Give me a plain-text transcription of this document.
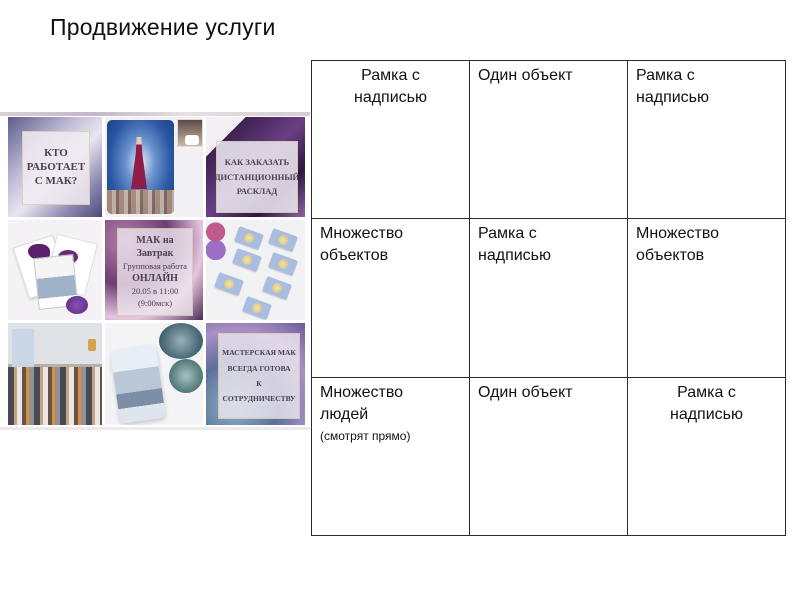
Продвижение услуги
КТО
РАБОТАЕТ
С МАК?
КАК ЗАКАЗАТЬ
ДИСТАНЦИОННЫЙ
РАСКЛАД
МАК на Завтрак
Групповая работа
ОНЛАЙН
20.05 в 11:00
(9:00мск)
МАСТЕРСКАЯ МАК
ВСЕГДА ГОТОВА
К
СОТРУДНИЧЕСТВУ
Рамка с
надписью	Один объект	Рамка с
надписью

Множество
объектов	Рамка с
надписью	Множество
объектов

Множество
людей
(смотрят прямо)	Один объект	Рамка с
надписью
